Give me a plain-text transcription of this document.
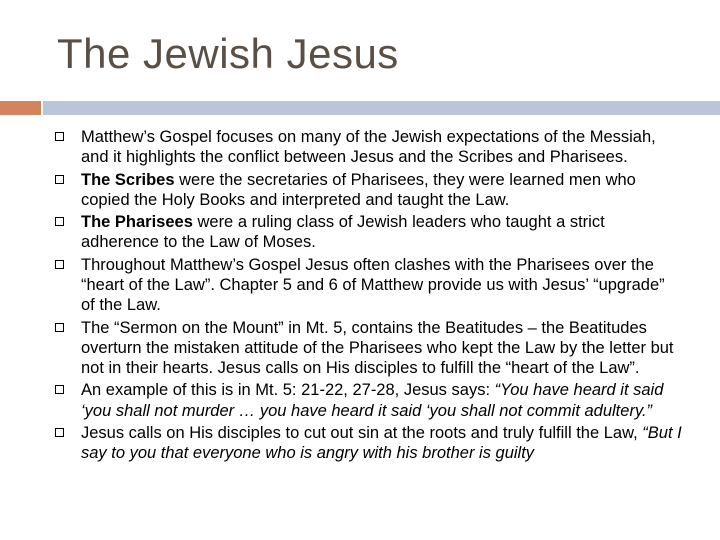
The Jewish Jesus
Matthew’s Gospel focuses on many of the Jewish expectations of the Messiah, and it highlights the conflict between Jesus and the Scribes and Pharisees.
The Scribes were the secretaries of Pharisees, they were learned men who copied the Holy Books and interpreted and taught the Law.
The Pharisees were a ruling class of Jewish leaders who taught a strict adherence to the Law of Moses.
Throughout Matthew’s Gospel Jesus often clashes with the Pharisees over the “heart of the Law”. Chapter 5 and 6 of Matthew provide us with Jesus’ “upgrade” of the Law.
The “Sermon on the Mount” in Mt. 5, contains the Beatitudes – the Beatitudes overturn the mistaken attitude of the Pharisees who kept the Law by the letter but not in their hearts. Jesus calls on His disciples to fulfill the “heart of the Law”.
An example of this is in Mt. 5: 21-22, 27-28, Jesus says: “You have heard it said ‘you shall not murder … you have heard it said ‘you shall not commit adultery.”
Jesus calls on His disciples to cut out sin at the roots and truly fulfill the Law, “But I say to you that everyone who is angry with his brother is guilty
